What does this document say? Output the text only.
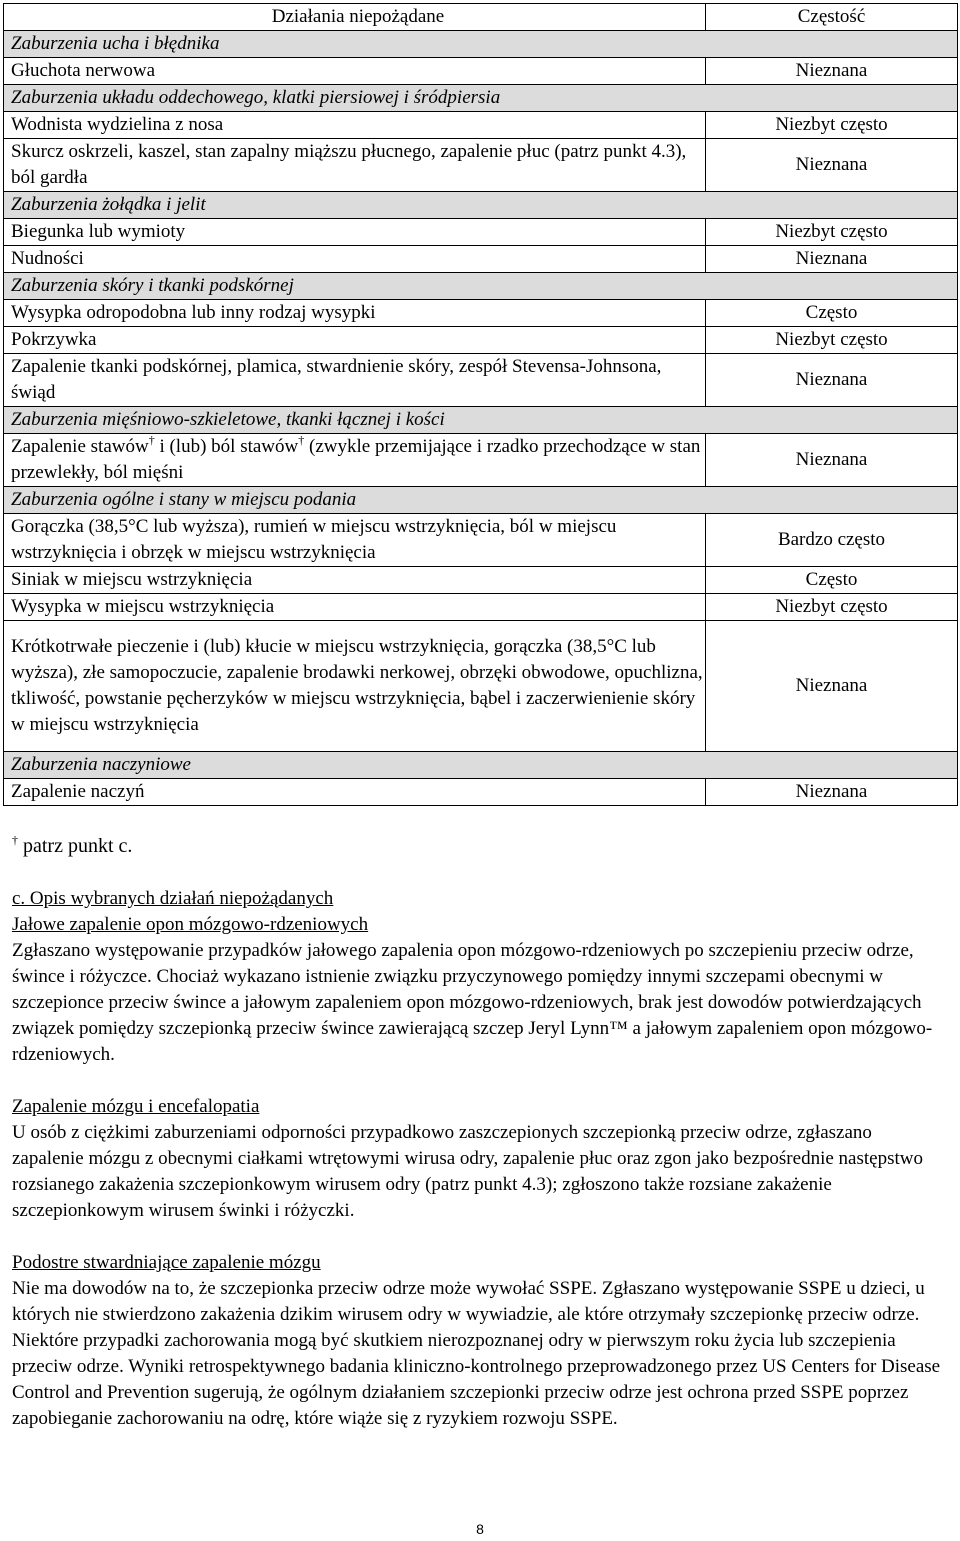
Działania niepożądane	Częstość
Zaburzenia ucha i błędnika	
Głuchota nerwowa	Nieznana
Zaburzenia układu oddechowego, klatki piersiowej i śródpiersia	
Wodnista wydzielina z nosa	Niezbyt często
Skurcz oskrzeli, kaszel, stan zapalny miąższu płucnego, zapalenie płuc (patrz punkt 4.3), ból gardła	Nieznana
Zaburzenia żołądka i jelit	
Biegunka lub wymioty	Niezbyt często
Nudności	Nieznana
Zaburzenia skóry i tkanki podskórnej	
Wysypka odropodobna lub inny rodzaj wysypki	Często
Pokrzywka	Niezbyt często
Zapalenie tkanki podskórnej, plamica, stwardnienie skóry, zespół Stevensa-Johnsona, świąd	Nieznana
Zaburzenia mięśniowo-szkieletowe, tkanki łącznej i kości	
Zapalenie stawów† i (lub) ból stawów† (zwykle przemijające i rzadko przechodzące w stan przewlekły, ból mięśni	Nieznana
Zaburzenia ogólne i stany w miejscu podania	
Gorączka (38,5°C lub wyższa), rumień w miejscu wstrzyknięcia, ból w miejscu wstrzyknięcia i obrzęk w miejscu wstrzyknięcia	Bardzo często
Siniak w miejscu wstrzyknięcia	Często
Wysypka w miejscu wstrzyknięcia	Niezbyt często
Krótkotrwałe pieczenie i (lub) kłucie w miejscu wstrzyknięcia, gorączka (38,5°C lub wyższa), złe samopoczucie, zapalenie brodawki nerkowej, obrzęki obwodowe, opuchlizna, tkliwość, powstanie pęcherzyków w miejscu wstrzyknięcia, bąbel i zaczerwienienie skóry w miejscu wstrzyknięcia	Nieznana
Zaburzenia naczyniowe	
Zapalenie naczyń	Nieznana
† patrz punkt c.

c. Opis wybranych działań niepożądanych

Jałowe zapalenie opon mózgowo-rdzeniowych

Zgłaszano występowanie przypadków jałowego zapalenia opon mózgowo-rdzeniowych po szczepieniu przeciw odrze, śwince i różyczce. Chociaż wykazano istnienie związku przyczynowego pomiędzy innymi szczepami obecnymi w szczepionce przeciw śwince a jałowym zapaleniem opon mózgowo-rdzeniowych, brak jest dowodów potwierdzających związek pomiędzy szczepionką przeciw śwince zawierającą szczep Jeryl Lynn™ a jałowym zapaleniem opon mózgowo-rdzeniowych.

Zapalenie mózgu i encefalopatia

U osób z ciężkimi zaburzeniami odporności przypadkowo zaszczepionych szczepionką przeciw odrze, zgłaszano zapalenie mózgu z obecnymi ciałkami wtrętowymi wirusa odry, zapalenie płuc oraz zgon jako bezpośrednie następstwo rozsianego zakażenia szczepionkowym wirusem odry (patrz punkt 4.3); zgłoszono także rozsiane zakażenie szczepionkowym wirusem świnki i różyczki.

Podostre stwardniające zapalenie mózgu

Nie ma dowodów na to, że szczepionka przeciw odrze może wywołać SSPE. Zgłaszano występowanie SSPE u dzieci, u których nie stwierdzono zakażenia dzikim wirusem odry w wywiadzie, ale które otrzymały szczepionkę przeciw odrze. Niektóre przypadki zachorowania mogą być skutkiem nierozpoznanej odry w pierwszym roku życia lub szczepienia przeciw odrze. Wyniki retrospektywnego badania kliniczno-kontrolnego przeprowadzonego przez US Centers for Disease Control and Prevention sugerują, że ogólnym działaniem szczepionki przeciw odrze jest ochrona przed SSPE poprzez zapobieganie zachorowaniu na odrę, które wiąże się z ryzykiem rozwoju SSPE.

8
